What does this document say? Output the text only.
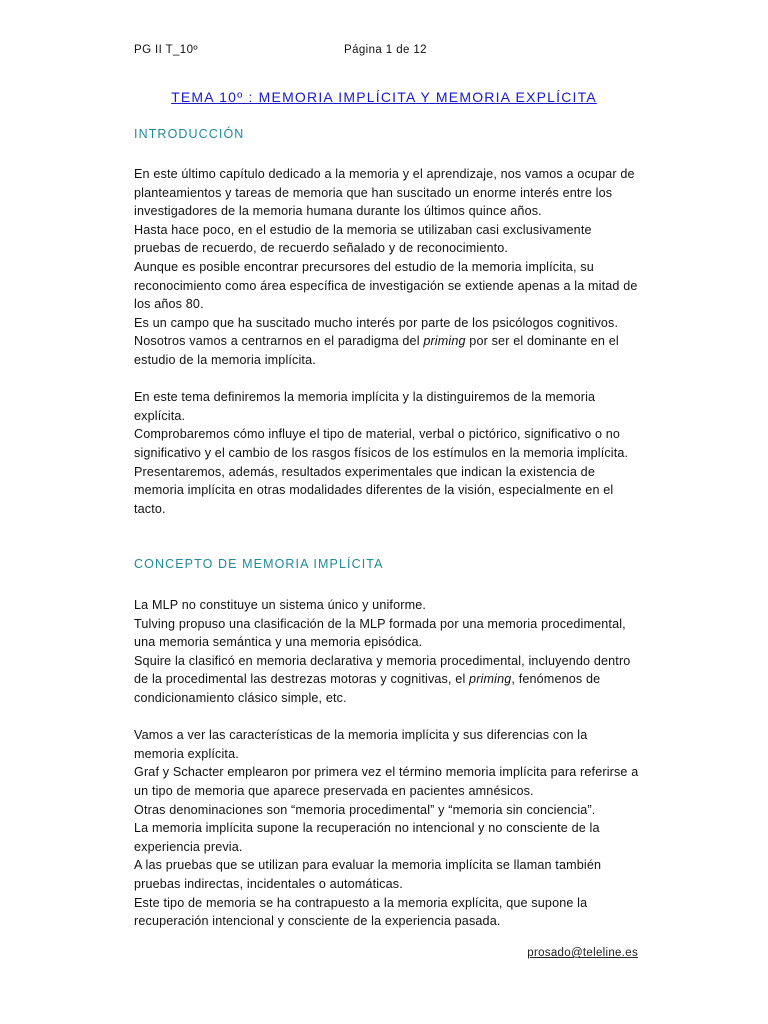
PG II T_10º	Página 1 de 12
TEMA 10º : MEMORIA IMPLÍCITA Y MEMORIA EXPLÍCITA
INTRODUCCIÓN

En este último capítulo dedicado a la memoria y el aprendizaje, nos vamos a ocupar de planteamientos y tareas de memoria que han suscitado un enorme interés entre los investigadores de la memoria humana durante los últimos quince años.

Hasta hace poco, en el estudio de la memoria se utilizaban casi exclusivamente pruebas de recuerdo, de recuerdo señalado y de reconocimiento.

Aunque es posible encontrar precursores del estudio de la memoria implícita, su reconocimiento como área específica de investigación se extiende apenas a la mitad de los años 80.

Es un campo que ha suscitado mucho interés por parte de los psicólogos cognitivos.

Nosotros vamos a centrarnos en el paradigma del priming por ser el dominante en el estudio de la memoria implícita.

En este tema definiremos la memoria implícita y la distinguiremos de la memoria explícita.

Comprobaremos cómo influye el tipo de material, verbal o pictórico, significativo o no significativo y el cambio de los rasgos físicos de los estímulos en la memoria implícita.

Presentaremos, además, resultados experimentales que indican la existencia de memoria implícita en otras modalidades diferentes de la visión, especialmente en el tacto.

CONCEPTO DE MEMORIA IMPLÍCITA

La MLP no constituye un sistema único y uniforme.

Tulving propuso una clasificación de la MLP formada por una memoria procedimental, una memoria semántica y una memoria episódica.

Squire la clasificó en memoria declarativa y memoria procedimental, incluyendo dentro de la procedimental las destrezas motoras y cognitivas, el priming, fenómenos de condicionamiento clásico simple, etc.

Vamos a ver las características de la memoria implícita y sus diferencias con la memoria explícita.

Graf y Schacter emplearon por primera vez el término memoria implícita para referirse a un tipo de memoria que aparece preservada en pacientes amnésicos.

Otras denominaciones son “memoria procedimental” y “memoria sin conciencia”.

La memoria implícita supone la recuperación no intencional y no consciente de la experiencia previa.

A las pruebas que se utilizan para evaluar la memoria implícita se llaman también pruebas indirectas, incidentales o automáticas.

Este tipo de memoria se ha contrapuesto a la memoria explícita, que supone la recuperación intencional y consciente de la experiencia pasada.

prosado@teleline.es
